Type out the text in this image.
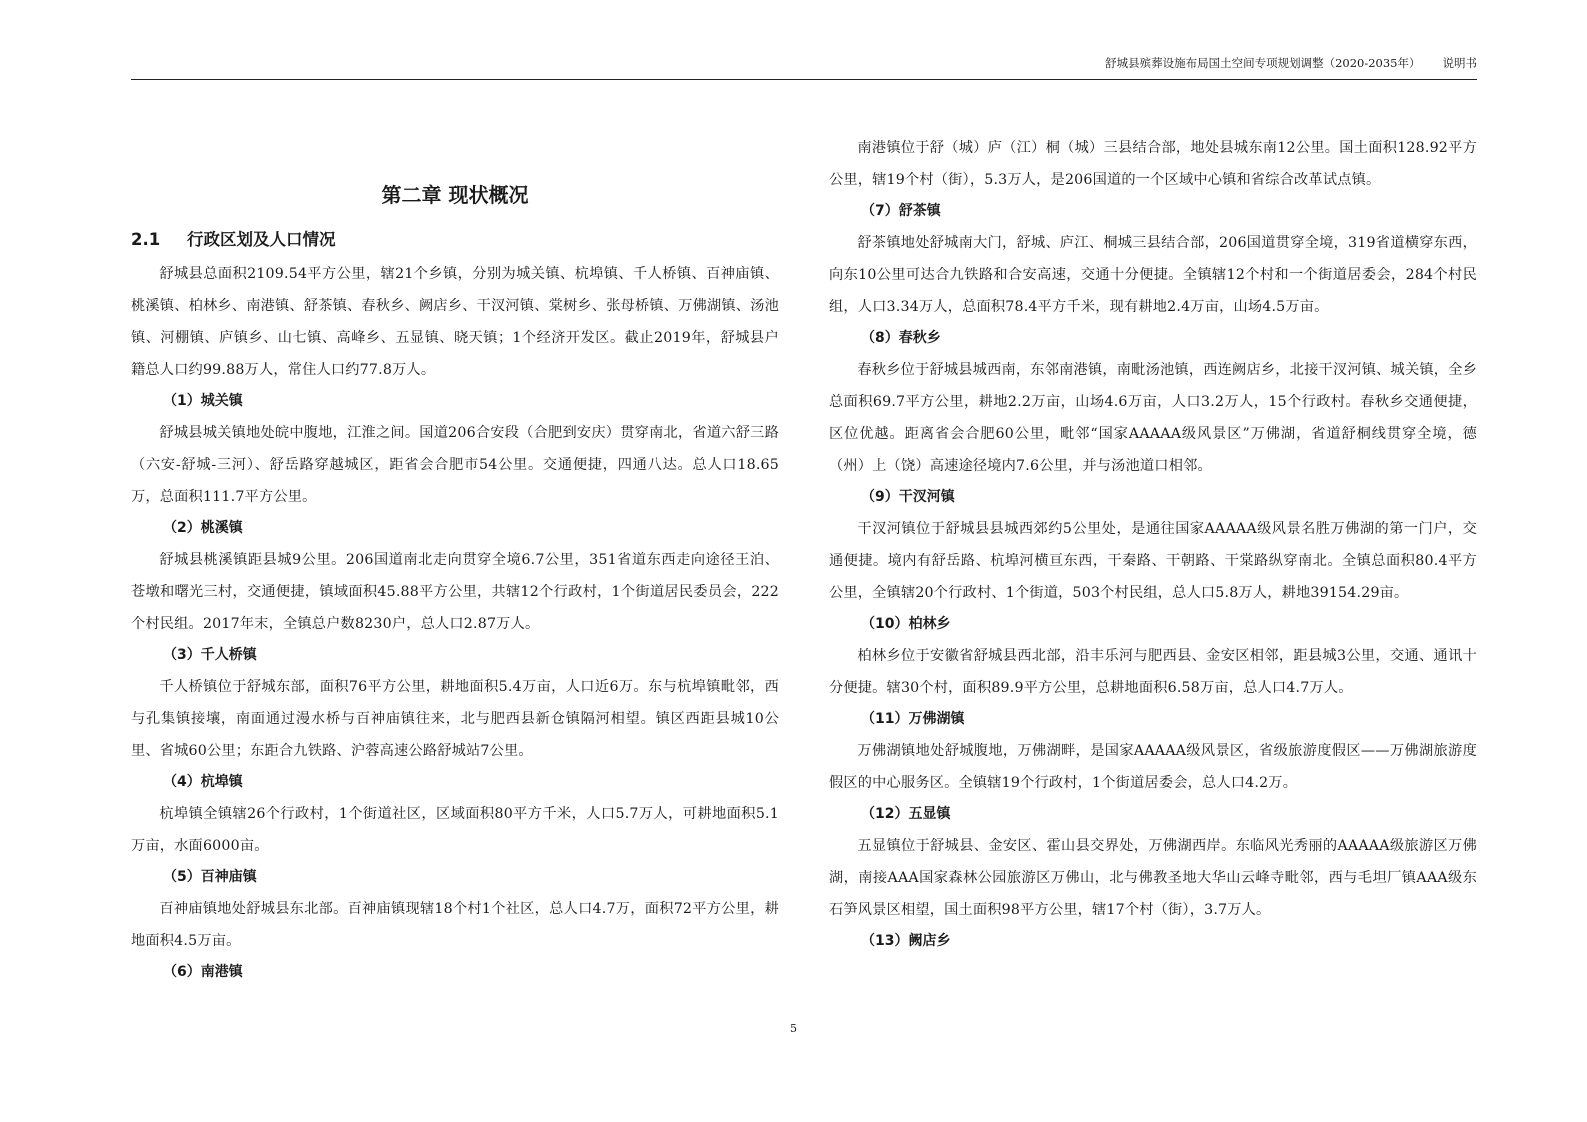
舒城县殡葬设施布局国土空间专项规划调整（2020-2035年） 说明书
第二章 现状概况
2.1 行政区划及人口情况

舒城县总面积2109.54平方公里，辖21个乡镇，分别为城关镇、杭埠镇、千人桥镇、百神庙镇、桃溪镇、柏林乡、南港镇、舒茶镇、春秋乡、阙店乡、干汊河镇、棠树乡、张母桥镇、万佛湖镇、汤池镇、河棚镇、庐镇乡、山七镇、高峰乡、五显镇、晓天镇；1个经济开发区。截止2019年，舒城县户籍总人口约99.88万人，常住人口约77.8万人。

（1）城关镇

舒城县城关镇地处皖中腹地，江淮之间。国道206合安段（合肥到安庆）贯穿南北，省道六舒三路（六安-舒城-三河）、舒岳路穿越城区，距省会合肥市54公里。交通便捷，四通八达。总人口18.65万，总面积111.7平方公里。

（2）桃溪镇

舒城县桃溪镇距县城9公里。206国道南北走向贯穿全境6.7公里，351省道东西走向途径王泊、苍墩和曙光三村，交通便捷，镇域面积45.88平方公里，共辖12个行政村，1个街道居民委员会，222个村民组。2017年末，全镇总户数8230户，总人口2.87万人。

（3）千人桥镇

千人桥镇位于舒城东部，面积76平方公里，耕地面积5.4万亩，人口近6万。东与杭埠镇毗邻，西与孔集镇接壤，南面通过漫水桥与百神庙镇往来，北与肥西县新仓镇隔河相望。镇区西距县城10公里、省城60公里；东距合九铁路、沪蓉高速公路舒城站7公里。

（4）杭埠镇

杭埠镇全镇辖26个行政村，1个街道社区，区域面积80平方千米，人口5.7万人，可耕地面积5.1万亩，水面6000亩。

（5）百神庙镇

百神庙镇地处舒城县东北部。百神庙镇现辖18个村1个社区，总人口4.7万，面积72平方公里，耕地面积4.5万亩。

（6）南港镇

南港镇位于舒（城）庐（江）桐（城）三县结合部，地处县城东南12公里。国土面积128.92平方公里，辖19个村（街），5.3万人，是206国道的一个区域中心镇和省综合改革试点镇。

（7）舒茶镇

舒茶镇地处舒城南大门，舒城、庐江、桐城三县结合部，206国道贯穿全境，319省道横穿东西，向东10公里可达合九铁路和合安高速，交通十分便捷。全镇辖12个村和一个街道居委会，284个村民组，人口3.34万人，总面积78.4平方千米，现有耕地2.4万亩，山场4.5万亩。

（8）春秋乡

春秋乡位于舒城县城西南，东邻南港镇，南毗汤池镇，西连阙店乡，北接干汊河镇、城关镇，全乡总面积69.7平方公里，耕地2.2万亩，山场4.6万亩，人口3.2万人，15个行政村。春秋乡交通便捷，区位优越。距离省会合肥60公里，毗邻“国家AAAAA级风景区”万佛湖，省道舒桐线贯穿全境，德（州）上（饶）高速途径境内7.6公里，并与汤池道口相邻。

（9）干汊河镇

干汊河镇位于舒城县县城西郊约5公里处，是通往国家AAAAA级风景名胜万佛湖的第一门户，交通便捷。境内有舒岳路、杭埠河横亘东西，干秦路、干朝路、干棠路纵穿南北。全镇总面积80.4平方公里，全镇辖20个行政村、1个街道，503个村民组，总人口5.8万人，耕地39154.29亩。

（10）柏林乡

柏林乡位于安徽省舒城县西北部，沿丰乐河与肥西县、金安区相邻，距县城3公里，交通、通讯十分便捷。辖30个村，面积89.9平方公里，总耕地面积6.58万亩，总人口4.7万人。

（11）万佛湖镇

万佛湖镇地处舒城腹地，万佛湖畔，是国家AAAAA级风景区，省级旅游度假区——万佛湖旅游度假区的中心服务区。全镇辖19个行政村，1个街道居委会，总人口4.2万。

（12）五显镇

五显镇位于舒城县、金安区、霍山县交界处，万佛湖西岸。东临风光秀丽的AAAAA级旅游区万佛湖，南接AAA国家森林公园旅游区万佛山，北与佛教圣地大华山云峰寺毗邻，西与毛坦厂镇AAA级东石笋风景区相望，国土面积98平方公里，辖17个村（街），3.7万人。

（13）阙店乡
5
